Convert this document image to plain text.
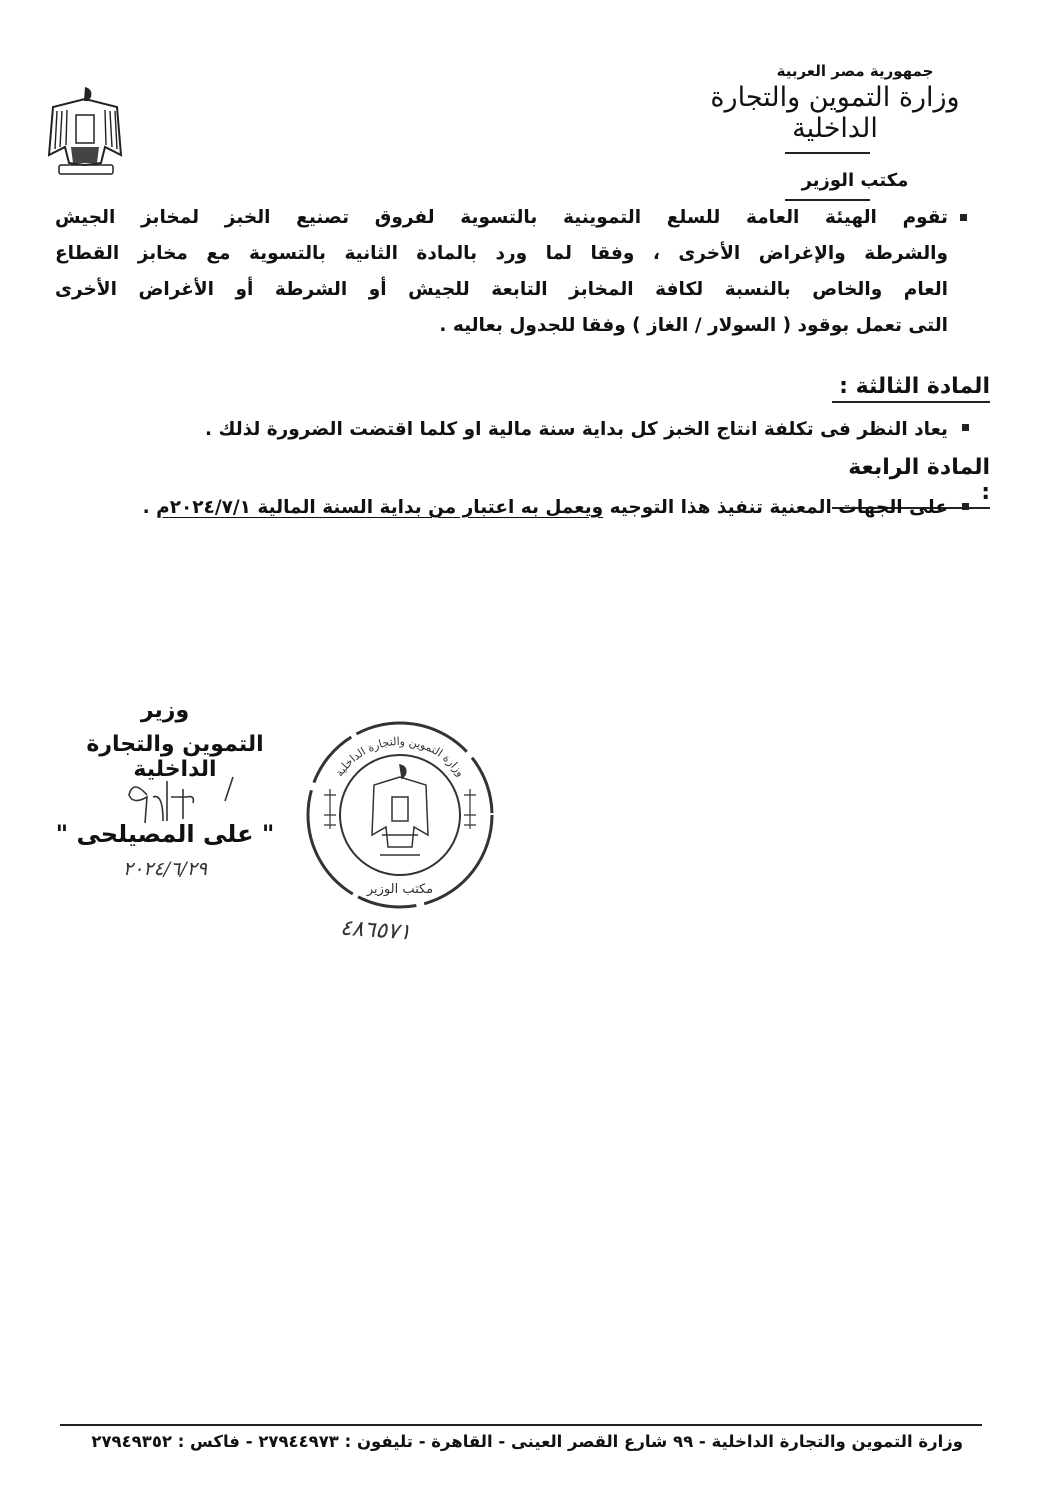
جمهورية مصر العربية
وزارة التموين والتجارة الداخلية
مكتب الوزير
تقوم الهيئة العامة للسلع التموينية بالتسوية لفروق تصنيع الخبز لمخابز الجيش
والشرطة والإغراض الأخرى ، وفقا لما ورد بالمادة الثانية بالتسوية مع مخابز القطاع
العام والخاص بالنسبة لكافة المخابز التابعة للجيش أو الشرطة أو الأغراض الأخرى
التى تعمل بوقود ( السولار / الغاز ) وفقا للجدول بعاليه .
المادة الثالثة :
يعاد النظر فى تكلفة انتاج الخبز كل بداية سنة مالية او كلما اقتضت الضرورة لذلك .
المادة الرابعة :
على الجهات المعنية تنفيذ هذا التوجيه ويعمل به اعتبار من بداية السنة المالية ٢٠٢٤/٧/١م .
وزير
التموين والتجارة الداخلية
" على المصيلحى "
٢٠٢٤/٦/٢٩
وزارة التموين والتجارة الداخلية
مكتب الوزير
٤٨٦٥٧١
وزارة التموين والتجارة الداخلية - ٩٩ شارع القصر العينى - القاهرة - تليفون : ٢٧٩٤٤٩٧٣ - فاكس : ٢٧٩٤٩٣٥٢
